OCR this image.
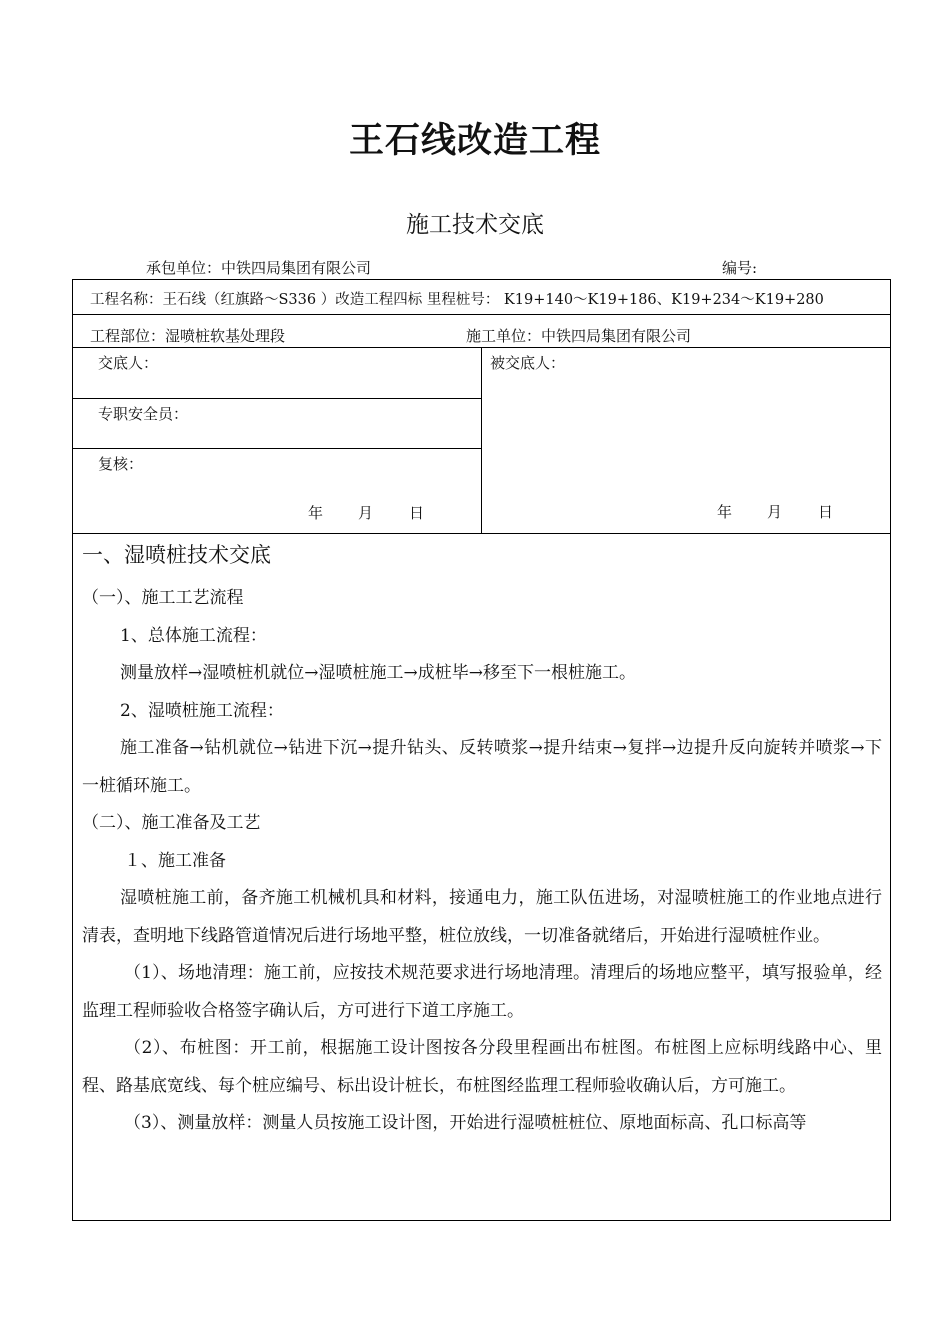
王石线改造工程
施工技术交底
承包单位：中铁四局集团有限公司	编号:
工程名称：王石线（红旗路～S336 ）改造工程四标 里程桩号： K19+140～K19+186、K19+234～K19+280
工程部位：湿喷桩软基处理段	施工单位：中铁四局集团有限公司
交底人：
专职安全员：
复核：
被交底人：
年 月 日	年 月 日
一、湿喷桩技术交底

（一）、施工工艺流程

1、总体施工流程：

测量放样→湿喷桩机就位→湿喷桩施工→成桩毕→移至下一根桩施工。

2、湿喷桩施工流程：

施工准备→钻机就位→钻进下沉→提升钻头、反转喷浆→提升结束→复拌→边提升反向旋转并喷浆→下一桩循环施工。

（二）、施工准备及工艺

１、施工准备

湿喷桩施工前，备齐施工机械机具和材料，接通电力，施工队伍进场，对湿喷桩施工的作业地点进行清表，查明地下线路管道情况后进行场地平整，桩位放线，一切准备就绪后，开始进行湿喷桩作业。

（1）、场地清理：施工前，应按技术规范要求进行场地清理。清理后的场地应整平，填写报验单，经监理工程师验收合格签字确认后，方可进行下道工序施工。

（2）、布桩图：开工前，根据施工设计图按各分段里程画出布桩图。布桩图上应标明线路中心、里程、路基底宽线、每个桩应编号、标出设计桩长，布桩图经监理工程师验收确认后，方可施工。

（3）、测量放样：测量人员按施工设计图，开始进行湿喷桩桩位、原地面标高、孔口标高等
